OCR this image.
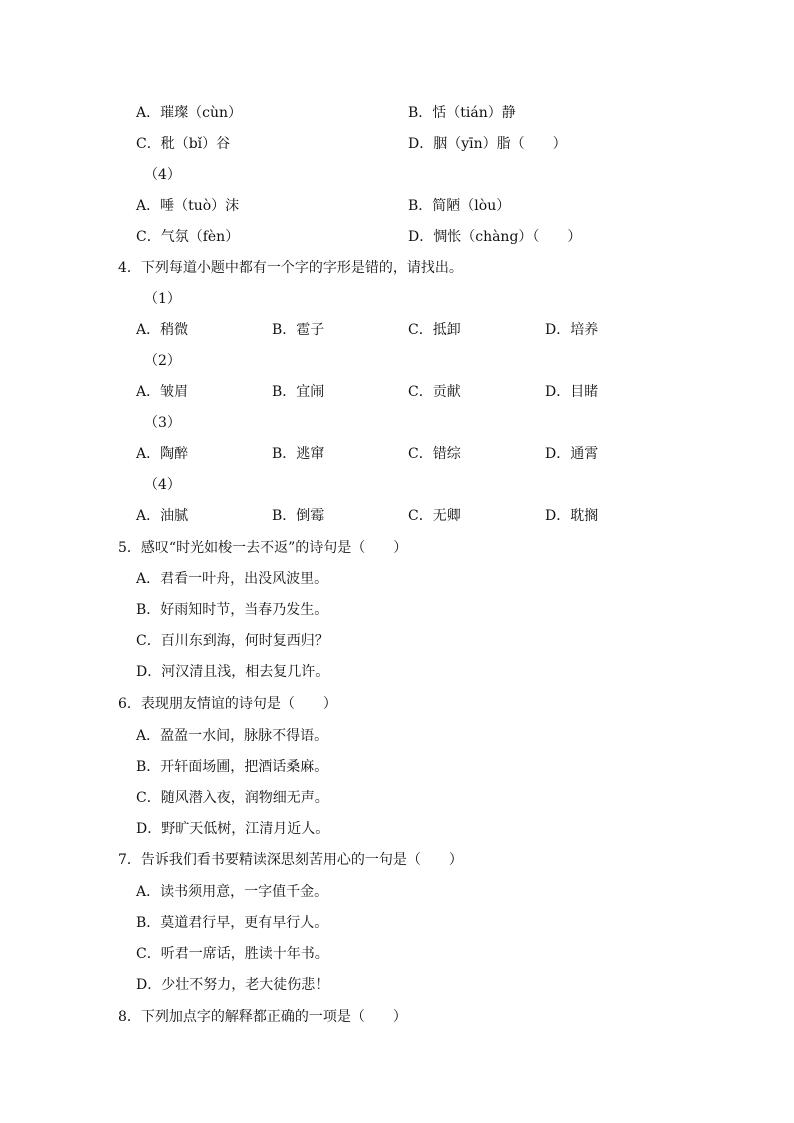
A．璀璨（cùn）	B．恬（tián）静
C．秕（bǐ）谷	D．胭（yīn）脂（　　）
（4）
A．唾（tuò）沫	B．简陋（lòu）
C．气氛（fèn）	D．惆怅（chàng）（　　）
4．下列每道小题中都有一个字的字形是错的，请找出。
（1）
A．稍微	B．雹子	C．抵卸	D．培养
（2）
A．皱眉	B．宜闹	C．贡献	D．目睹
（3）
A．陶醉	B．逃窜	C．错综	D．通霄
（4）
A．油腻	B．倒霉	C．无卿	D．耽搁
5．感叹“时光如梭一去不返”的诗句是（　　）
A．君看一叶舟，出没风波里。
B．好雨知时节，当春乃发生。
C．百川东到海，何时复西归？
D．河汉清且浅，相去复几许。
6．表现朋友情谊的诗句是（　　）
A．盈盈一水间，脉脉不得语。
B．开轩面场圃，把酒话桑麻。
C．随风潜入夜，润物细无声。
D．野旷天低树，江清月近人。
7．告诉我们看书要精读深思刻苦用心的一句是（　　）
A．读书须用意，一字值千金。
B．莫道君行早，更有早行人。
C．听君一席话，胜读十年书。
D．少壮不努力，老大徒伤悲！
8．下列加点字的解释都正确的一项是（　　）
